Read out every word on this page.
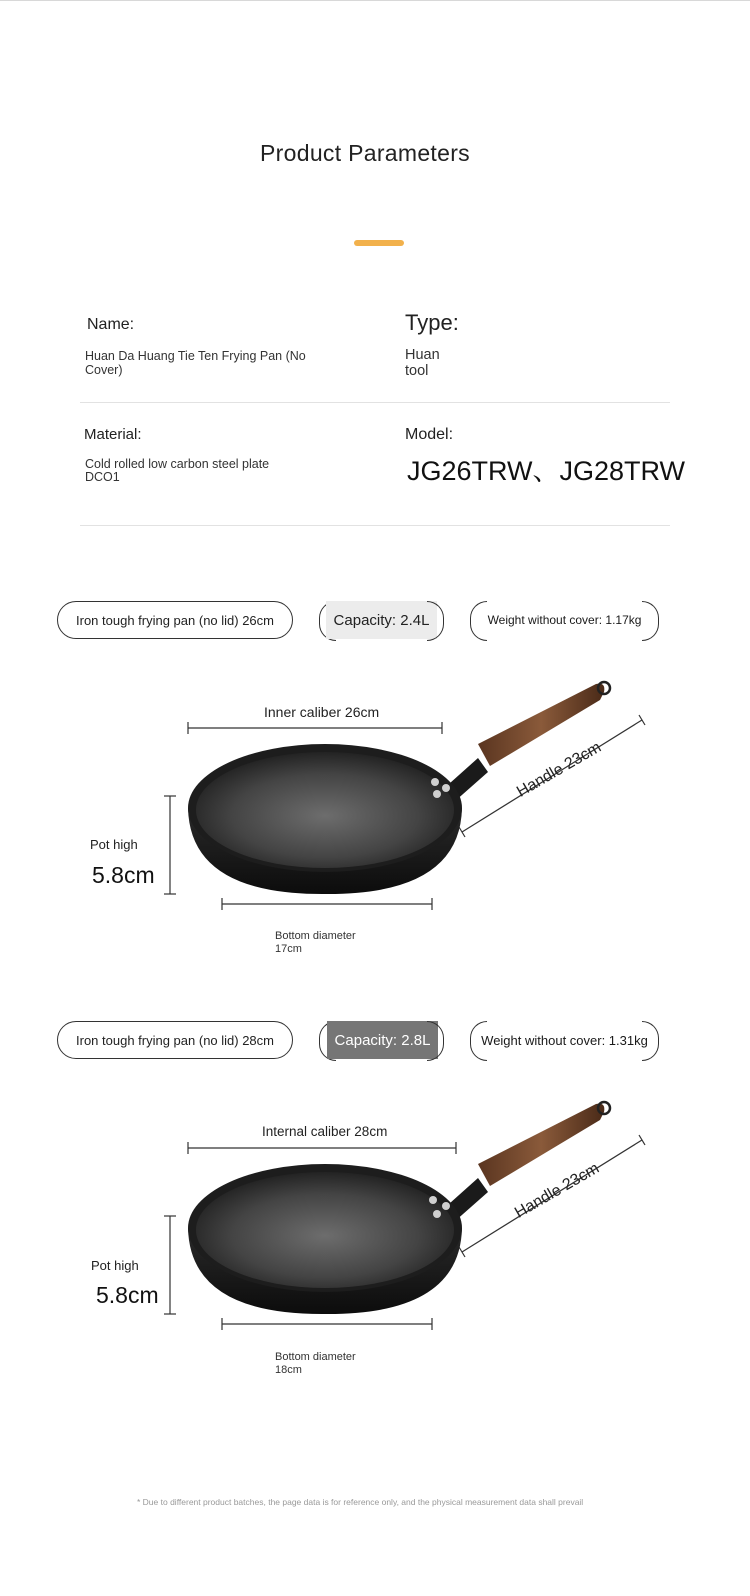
Product Parameters
Name:
Huan Da Huang Tie Ten Frying Pan (No Cover)
Type:
Huan
tool
Material:
Cold rolled low carbon steel plate
DCO1
Model:
JG26TRW、JG28TRW
Iron tough frying pan (no lid) 26cm	Capacity: 2.4L	Weight without cover: 1.17kg
Inner caliber 26cm
Handle 23cm
Pot high
5.8cm
Bottom diameter
17cm
Iron tough frying pan (no lid) 28cm	Capacity: 2.8L	Weight without cover: 1.31kg
Internal caliber 28cm
Handle 23cm
Pot high
5.8cm
Bottom diameter
18cm
* Due to different product batches, the page data is for reference only, and the physical measurement data shall prevail
